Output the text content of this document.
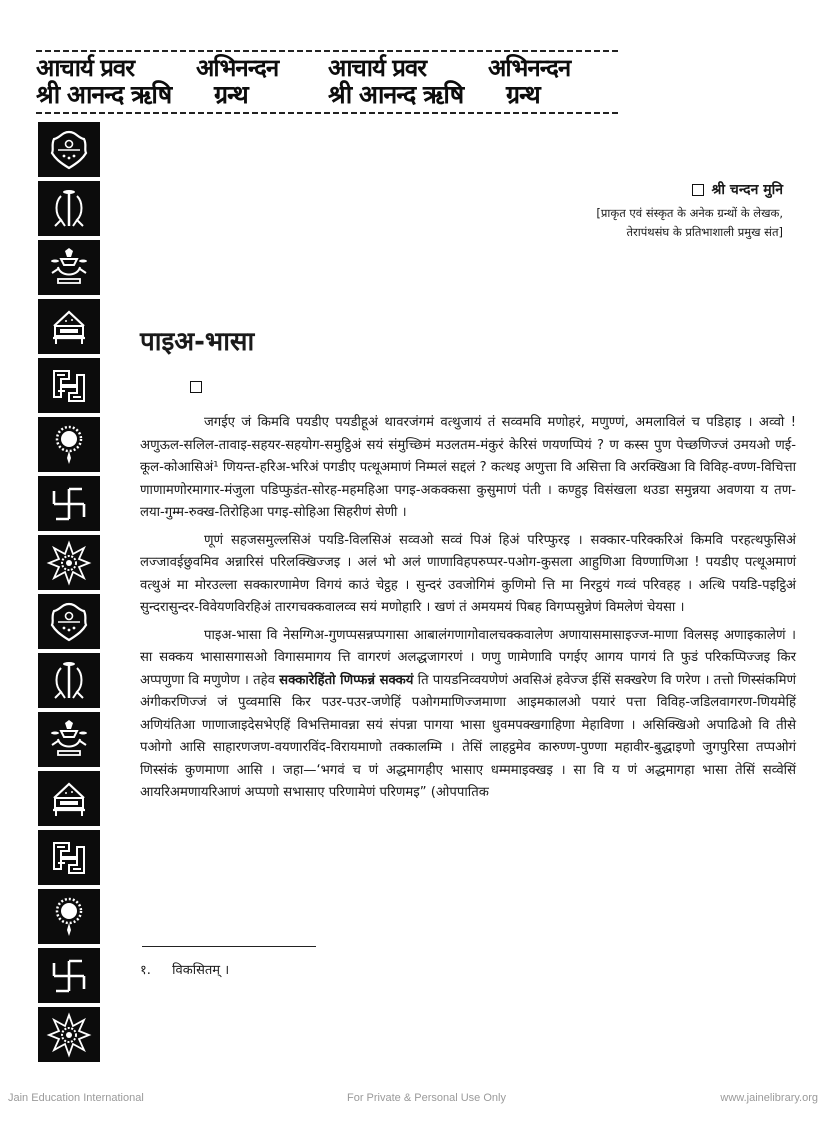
आचार्य प्रवर
श्री आनन्द ऋषि
अभिनन्दन
ग्रन्थ
आचार्य प्रवर
श्री आनन्द ऋषि
अभिनन्दन
ग्रन्थ
श्री चन्दन मुनि
[प्राकृत एवं संस्कृत के अनेक ग्रन्थों के लेखक,
तेरापंथसंघ के प्रतिभाशाली प्रमुख संत]
पाइअ-भासा

जगईए जं किमवि पयडीए पयडीहूअं थावरजंगमं वत्थुजायं तं सव्वमवि मणोहरं, मणुण्णं, अमलाविलं च पडिहाइ । अव्वो ! अणुऊल-सलिल-तावाइ-सहयर-सहयोग-समुट्ठिअं सयं संमुच्छिमं मउलतम-मंकुरं केरिसं णयणप्पियं ? ण कस्स पुण पेच्छणिज्जं उमयओ णई-कूल-कोआसिअं¹ णियन्त-हरिअ-भरिअं पगडीए पत्थूअमाणं निम्मलं सद्दलं ? कत्थइ अणुत्ता वि असित्ता वि अरक्खिआ वि विविह-वण्ण-विचित्ता णाणामणोरमागार-मंजुला पडिप्फुडंत-सोरह-महमहिआ पगइ-अकक्कसा कुसुमाणं पंती । कण्हुइ विसंखला थउडा समुन्नया अवणया य तण-लया-गुम्म-रुक्ख-तिरोहिआ पगइ-सोहिआ सिहरीणं सेणी ।

णूणं सहजसमुल्लसिअं पयडि-विलसिअं सव्वओ सव्वं पिअं हिअं परिप्फुरइ । सक्कार-परिक्करिअं किमवि परहत्थफुसिअं लज्जावईछुवमिव अन्नारिसं परिलक्खिज्जइ । अलं भो अलं णाणाविहपरुप्पर-पओग-कुसला आहुणिआ विण्णाणिआ ! पयडीए पत्थूअमाणं वत्थुअं मा मोरउल्ला सक्कारणामेण विगयं काउं चेट्ठह । सुन्दरं उवजोगिमं कुणिमो त्ति मा निरट्ठयं गव्वं परिवहह । अत्थि पयडि-पइट्ठिअं सुन्दरासुन्दर-विवेयणविरहिअं तारगचक्कवालव्व सयं मणोहारि । खणं तं अमयमयं पिबह विगप्पसुन्नेणं विमलेणं चेयसा ।

पाइअ-भासा वि नेसग्गिअ-गुणप्पसन्नप्पगासा आबालंगणागोवालचक्कवालेण अणायासमासाइज्ज-माणा विलसइ अणाइकालेणं । सा सक्कय भासासगासओ विगासमागय त्ति वागरणं अलद्धजागरणं । णणु णामेणावि पगईए आगय पागयं ति फुडं परिकप्पिज्जइ किर अप्पणुणा वि मणुणेण । तहेव सक्कारेहिंतो णिप्फन्नं सक्कयं ति पायडनिव्वयणेणं अवसिअं हवेज्ज ईसिं सक्खरेण वि णरेण । तत्तो णिस्संकमिणं अंगीकरणिज्जं जं पुव्वमासि किर पउर-पउर-जणेहिं पओगमाणिज्जमाणा आइमकालओ पयारं पत्ता विविह-जडिलवागरण-णियमेहिं अणियंतिआ णाणाजाइदेसभेएहिं विभत्तिमावन्ना सयं संपन्ना पागया भासा धुवमपक्खगाहिणा मेहाविणा । असिक्खिओ अपाढिओ वि तीसे पओगो आसि साहारणजण-वयणारविंद-विरायमाणो तक्कालम्मि । तेसिं लाहट्ठमेव कारुण्ण-पुण्णा महावीर-बुद्धाइणो जुगपुरिसा तप्पओगं णिस्संकं कुणमाणा आसि । जहा—‘भगवं च णं अद्धमागहीए भासाए धम्ममाइक्खइ । सा वि य णं अद्धमागहा भासा तेसिं सव्वेसिं आयरिअमणायरिआणं अप्पणो सभासाए परिणामेणं परिणमइ” (ओपपातिक

१. विकसितम् ।
Jain Education International	For Private & Personal Use Only	www.jainelibrary.org
